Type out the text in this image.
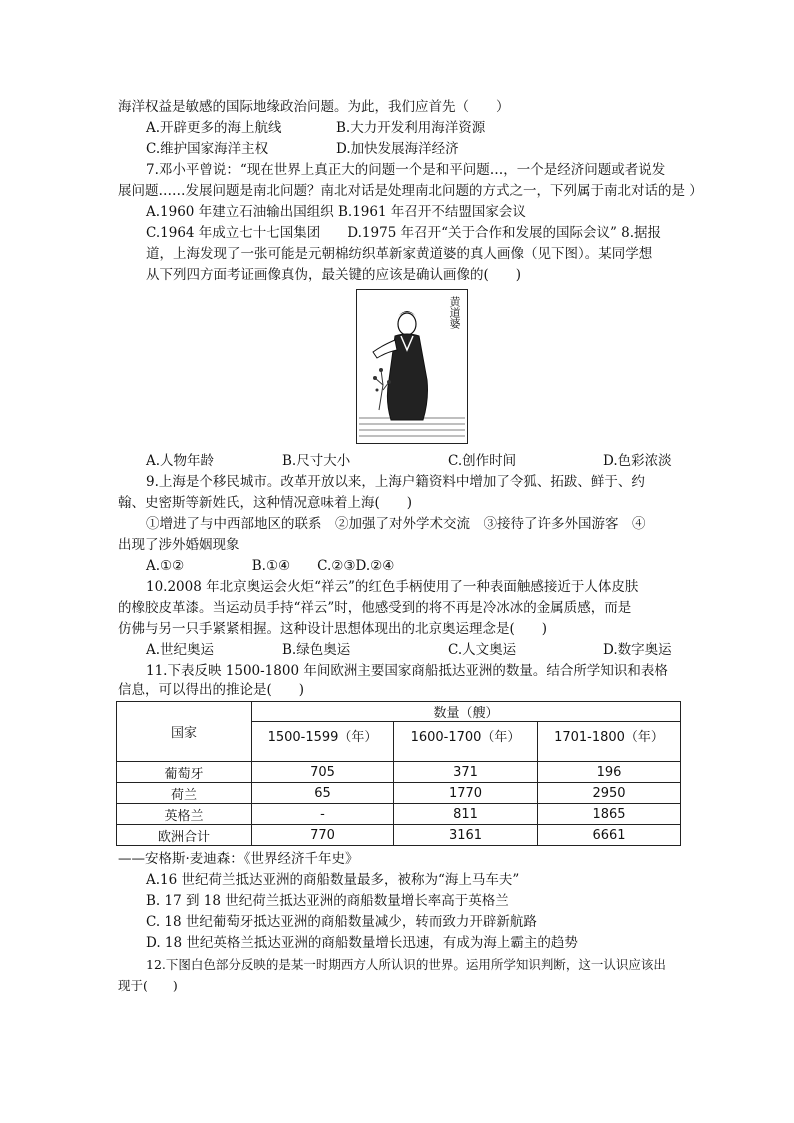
海洋权益是敏感的国际地缘政治问题。为此，我们应首先（　　）
A.开辟更多的海上航线	B.大力开发利用海洋资源
C.维护国家海洋主权	D.加快发展海洋经济
7.邓小平曾说：“现在世界上真正大的问题一个是和平问题…，一个是经济问题或者说发
展问题……发展问题是南北问题？南北对话是处理南北问题的方式之一，下列属于南北对话的是 ）
A.1960 年建立石油输出国组织 B.1961 年召开不结盟国家会议
C.1964 年成立七十七国集团　　D.1975 年召开“关于合作和发展的国际会议” 8.据报
道，上海发现了一张可能是元朝棉纺织革新家黄道婆的真人画像（见下图）。某同学想
从下列四方面考证画像真伪，最关键的应该是确认画像的(　　)
黄道婆
A.人物年龄	B.尺寸大小	C.创作时间	D.色彩浓淡
9.上海是个移民城市。改革开放以来，上海户籍资料中增加了令狐、拓跋、鲜于、约
翰、史密斯等新姓氏，这种情况意味着上海(　　)
①增进了与中西部地区的联系　②加强了对外学术交流　③接待了许多外国游客　④
出现了涉外婚姻现象
A.①②　　　　　B.①④　　C.②③D.②④
10.2008 年北京奥运会火炬“祥云”的红色手柄使用了一种表面触感接近于人体皮肤
的橡胶皮革漆。当运动员手持“祥云”时，他感受到的将不再是冷冰冰的金属质感，而是
仿佛与另一只手紧紧相握。这种设计思想体现出的北京奥运理念是(　　)
A.世纪奥运	B.绿色奥运	C.人文奥运	D.数字奥运
11.下表反映 1500-1800 年间欧洲主要国家商船抵达亚洲的数量。结合所学知识和表格
信息，可以得出的推论是(　　)
国家	数量（艘）		
	1500-1599（年）	1600-1700（年）	1701-1800（年）
葡萄牙	705	371	196
荷兰	65	1770	2950
英格兰	-	811	1865
欧洲合计	770	3161	6661
——安格斯·麦迪森：《世界经济千年史》
A.16 世纪荷兰抵达亚洲的商船数量最多，被称为“海上马车夫”
B. 17 到 18 世纪荷兰抵达亚洲的商船数量增长率高于英格兰
C. 18 世纪葡萄牙抵达亚洲的商船数量减少，转而致力开辟新航路
D. 18 世纪英格兰抵达亚洲的商船数量增长迅速，有成为海上霸主的趋势
12.下图白色部分反映的是某一时期西方人所认识的世界。运用所学知识判断，这一认识应该出
现于(　　)
